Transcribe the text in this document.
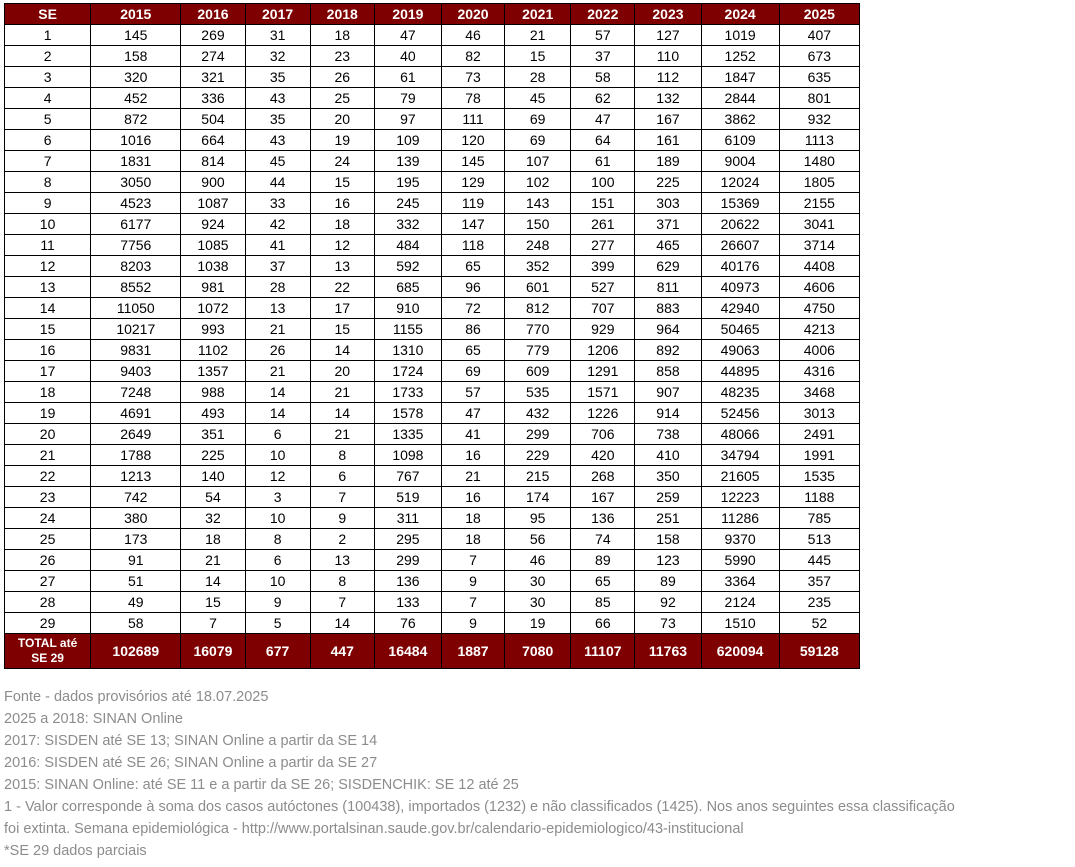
SE	2015	2016	2017	2018	2019	2020	2021	2022	2023	2024	2025
1	145	269	31	18	47	46	21	57	127	1019	407
2	158	274	32	23	40	82	15	37	110	1252	673
3	320	321	35	26	61	73	28	58	112	1847	635
4	452	336	43	25	79	78	45	62	132	2844	801
5	872	504	35	20	97	111	69	47	167	3862	932
6	1016	664	43	19	109	120	69	64	161	6109	1113
7	1831	814	45	24	139	145	107	61	189	9004	1480
8	3050	900	44	15	195	129	102	100	225	12024	1805
9	4523	1087	33	16	245	119	143	151	303	15369	2155
10	6177	924	42	18	332	147	150	261	371	20622	3041
11	7756	1085	41	12	484	118	248	277	465	26607	3714
12	8203	1038	37	13	592	65	352	399	629	40176	4408
13	8552	981	28	22	685	96	601	527	811	40973	4606
14	11050	1072	13	17	910	72	812	707	883	42940	4750
15	10217	993	21	15	1155	86	770	929	964	50465	4213
16	9831	1102	26	14	1310	65	779	1206	892	49063	4006
17	9403	1357	21	20	1724	69	609	1291	858	44895	4316
18	7248	988	14	21	1733	57	535	1571	907	48235	3468
19	4691	493	14	14	1578	47	432	1226	914	52456	3013
20	2649	351	6	21	1335	41	299	706	738	48066	2491
21	1788	225	10	8	1098	16	229	420	410	34794	1991
22	1213	140	12	6	767	21	215	268	350	21605	1535
23	742	54	3	7	519	16	174	167	259	12223	1188
24	380	32	10	9	311	18	95	136	251	11286	785
25	173	18	8	2	295	18	56	74	158	9370	513
26	91	21	6	13	299	7	46	89	123	5990	445
27	51	14	10	8	136	9	30	65	89	3364	357
28	49	15	9	7	133	7	30	85	92	2124	235
29	58	7	5	14	76	9	19	66	73	1510	52
TOTAL até
SE 29	102689	16079	677	447	16484	1887	7080	11107	11763	620094	59128
Fonte - dados provisórios até 18.07.2025
2025 a 2018: SINAN Online
2017: SISDEN até SE 13; SINAN Online a partir da SE 14
2016: SISDEN até SE 26; SINAN Online a partir da SE 27
2015: SINAN Online: até SE 11 e a partir da SE 26; SISDENCHIK: SE 12 até 25
1 - Valor corresponde à soma dos casos autóctones (100438), importados (1232) e não classificados (1425). Nos anos seguintes essa classificação
foi extinta. Semana epidemiológica - http://www.portalsinan.saude.gov.br/calendario-epidemiologico/43-institucional
*SE 29 dados parciais
